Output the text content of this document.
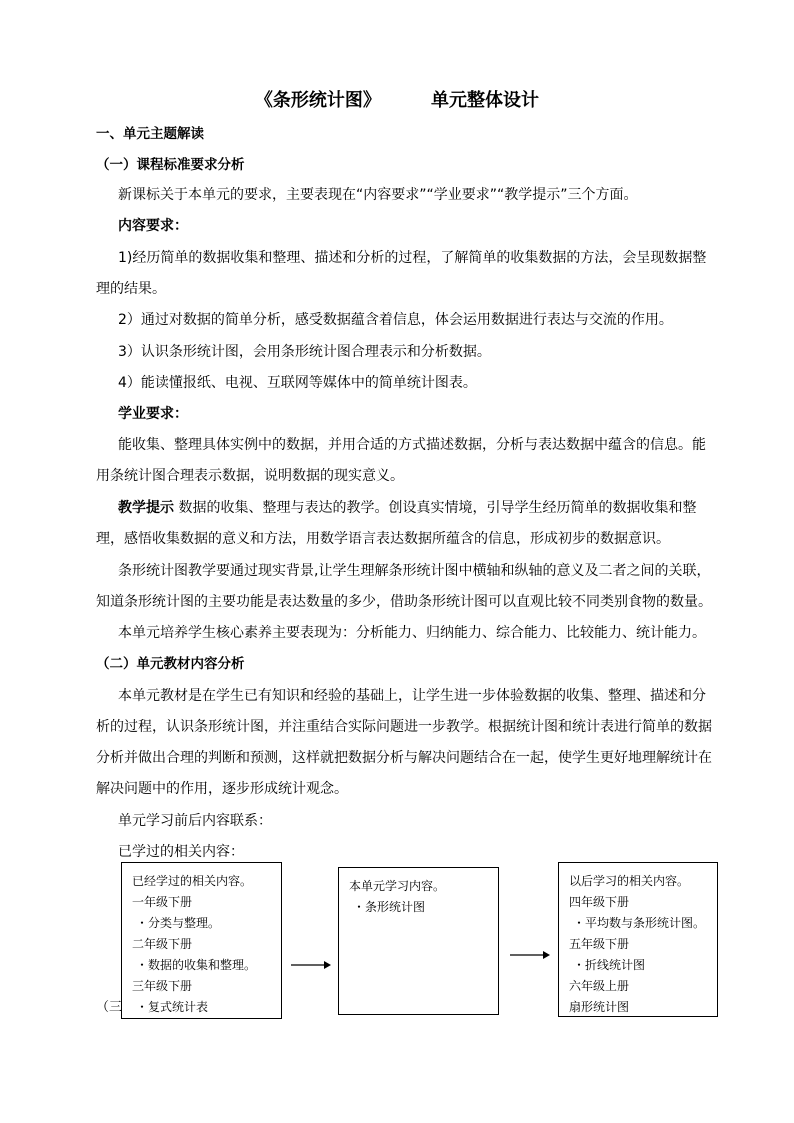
《条形统计图》        单元整体设计
一、单元主题解读
（一）课程标准要求分析
新课标关于本单元的要求，主要表现在“内容要求”“学业要求”“教学提示”三个方面。
内容要求：
1)经历简单的数据收集和整理、描述和分析的过程，了解简单的收集数据的方法，会呈现数据整
理的结果。
2）通过对数据的简单分析，感受数据蕴含着信息，体会运用数据进行表达与交流的作用。
3）认识条形统计图，会用条形统计图合理表示和分析数据。
4）能读懂报纸、电视、互联网等媒体中的简单统计图表。
学业要求：
能收集、整理具体实例中的数据，并用合适的方式描述数据，分析与表达数据中蕴含的信息。能
用条统计图合理表示数据，说明数据的现实意义。
教学提示 数据的收集、整理与表达的教学。创设真实情境，引导学生经历简单的数据收集和整
理，感悟收集数据的意义和方法，用数学语言表达数据所蕴含的信息，形成初步的数据意识。
条形统计图教学要通过现实背景,让学生理解条形统计图中横轴和纵轴的意义及二者之间的关联，
知道条形统计图的主要功能是表达数量的多少，借助条形统计图可以直观比较不同类别食物的数量。
本单元培养学生核心素养主要表现为：分析能力、归纳能力、综合能力、比较能力、统计能力。
（二）单元教材内容分析
本单元教材是在学生已有知识和经验的基础上，让学生进一步体验数据的收集、整理、描述和分
析的过程，认识条形统计图，并注重结合实际问题进一步教学。根据统计图和统计表进行简单的数据
分析并做出合理的判断和预测，这样就把数据分析与解决问题结合在一起，使学生更好地理解统计在
解决问题中的作用，逐步形成统计观念。
单元学习前后内容联系：
已学过的相关内容：
（三
已经学过的相关内容。
一年级下册
・分类与整理。
二年级下册
・数据的收集和整理。
三年级下册
・复式统计表
本单元学习内容。
・条形统计图
以后学习的相关内容。
四年级下册
・平均数与条形统计图。
五年级下册
・折线统计图
六年级上册
扇形统计图
